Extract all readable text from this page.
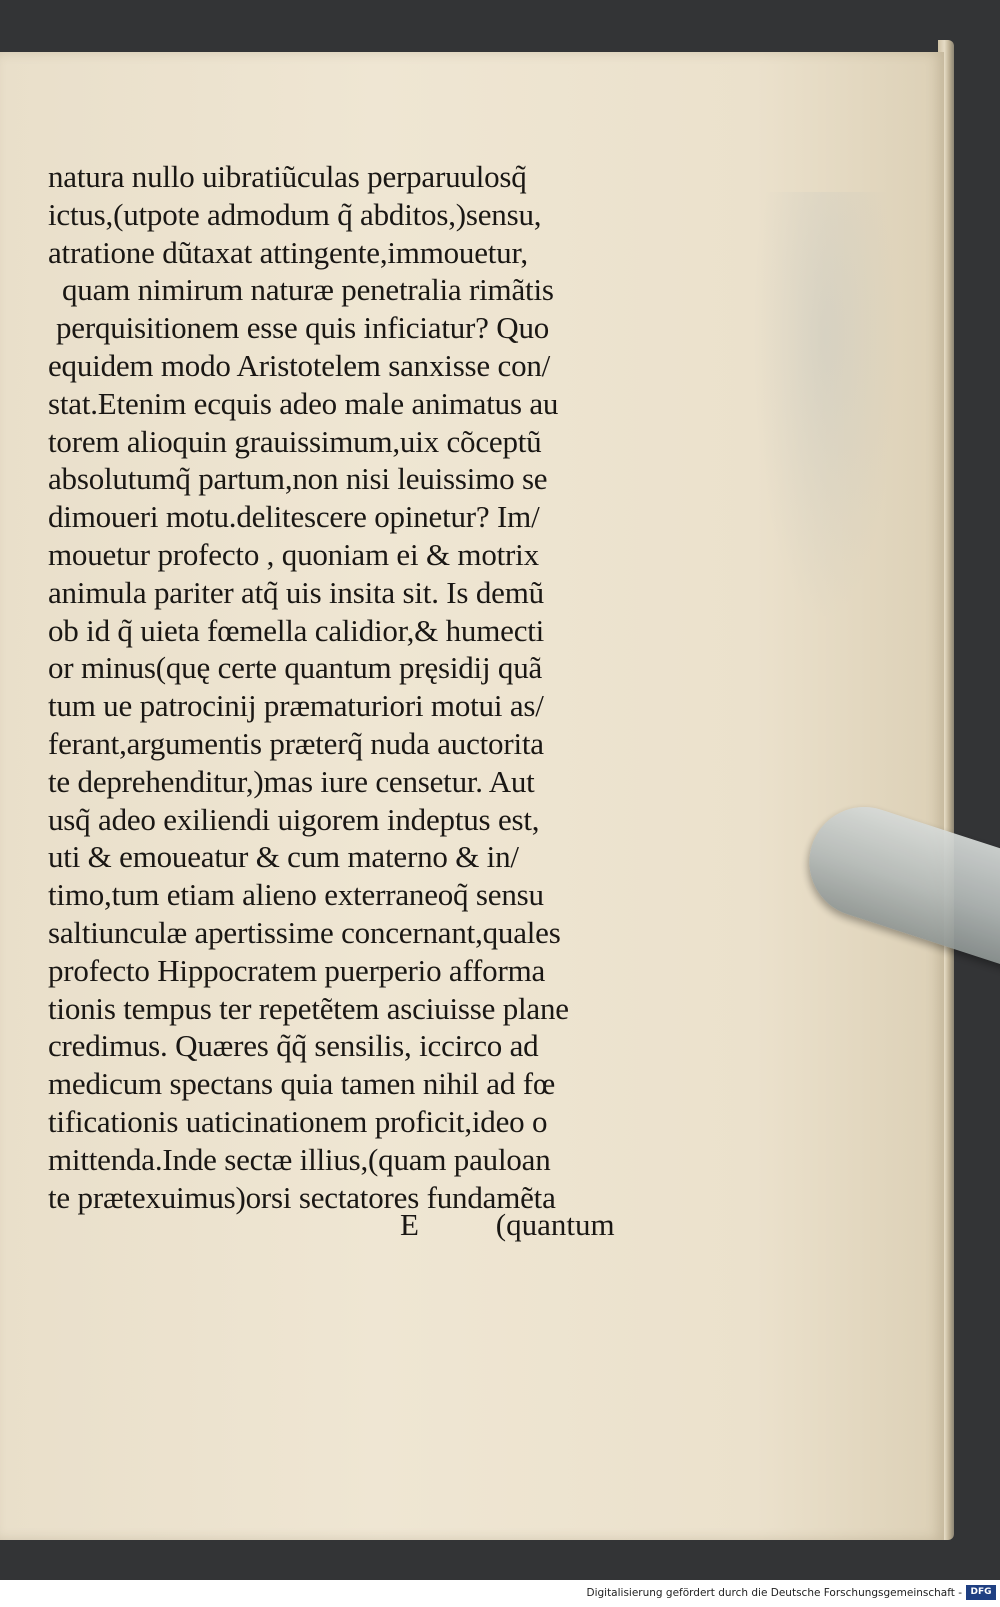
natura nullo uibratiũculas perparuulosq̃
ictus,(utpote admodum q̃ abditos,)sensu,
atratione dũtaxat attingente,immouetur,
quam nimirum naturæ penetralia rimãtis
perquisitionem esse quis inficiatur? Quo
equidem modo Aristotelem sanxisse con/
stat.Etenim ecquis adeo male animatus au
torem alioquin grauissimum,uix cõceptũ
absolutumq̃ partum,non nisi leuissimo se
dimoueri motu.delitescere opinetur? Im/
mouetur profecto , quoniam ei & motrix
animula pariter atq̃ uis insita sit. Is demũ
ob id q̃ uieta fœmella calidior,& humecti
or minus(quę certe quantum pręsidij quã
tum ue patrocinij præmaturiori motui as/
ferant,argumentis præterq̃ nuda auctorita
te deprehenditur,)mas iure censetur. Aut
usq̃ adeo exiliendi uigorem indeptus est,
uti & emoueatur & cum materno & in/
timo,tum etiam alieno exterraneoq̃ sensu
saltiunculæ apertissime concernant,quales
profecto Hippocratem puerperio afforma
tionis tempus ter repetẽtem asciuisse plane
credimus. Quæres q̃q̃ sensilis, iccirco ad
medicum spectans quia tamen nihil ad fœ
tificationis uaticinationem proficit,ideo o
mittenda.Inde sectæ illius,(quam pauloan
te prætexuimus)orsi sectatores fundamẽta
E (quantum
Digitalisierung gefördert durch die Deutsche Forschungsgemeinschaft - DFG
